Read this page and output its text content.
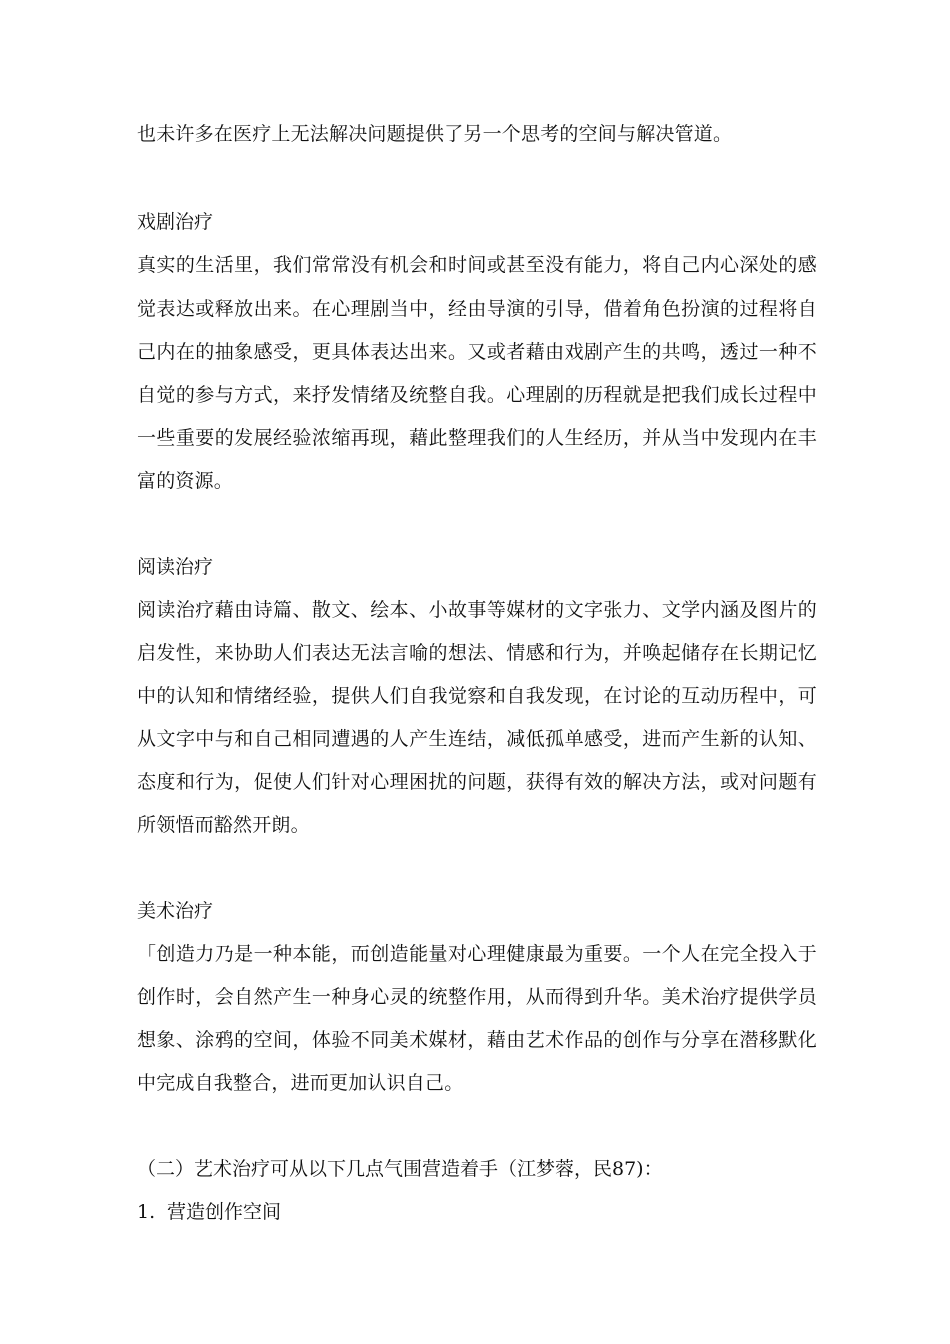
也未许多在医疗上无法解决问题提供了另一个思考的空间与解决管道。
戏剧治疗
真实的生活里，我们常常没有机会和时间或甚至没有能力，将自己内心深处的感
觉表达或释放出来。在心理剧当中，经由导演的引导，借着角色扮演的过程将自
己内在的抽象感受，更具体表达出来。又或者藉由戏剧产生的共鸣，透过一种不
自觉的参与方式，来抒发情绪及统整自我。心理剧的历程就是把我们成长过程中
一些重要的发展经验浓缩再现，藉此整理我们的人生经历，并从当中发现内在丰
富的资源。
阅读治疗
阅读治疗藉由诗篇、散文、绘本、小故事等媒材的文字张力、文学内涵及图片的
启发性，来协助人们表达无法言喻的想法、情感和行为，并唤起储存在长期记忆
中的认知和情绪经验，提供人们自我觉察和自我发现，在讨论的互动历程中，可
从文字中与和自己相同遭遇的人产生连结，减低孤单感受，进而产生新的认知、
态度和行为，促使人们针对心理困扰的问题，获得有效的解决方法，或对问题有
所领悟而豁然开朗。
美术治疗
「创造力乃是一种本能，而创造能量对心理健康最为重要。一个人在完全投入于
创作时，会自然产生一种身心灵的统整作用，从而得到升华。美术治疗提供学员
想象、涂鸦的空间，体验不同美术媒材，藉由艺术作品的创作与分享在潜移默化
中完成自我整合，进而更加认识自己。
（二）艺术治疗可从以下几点气围营造着手（江梦蓉，民87)：
1. 营造创作空间
